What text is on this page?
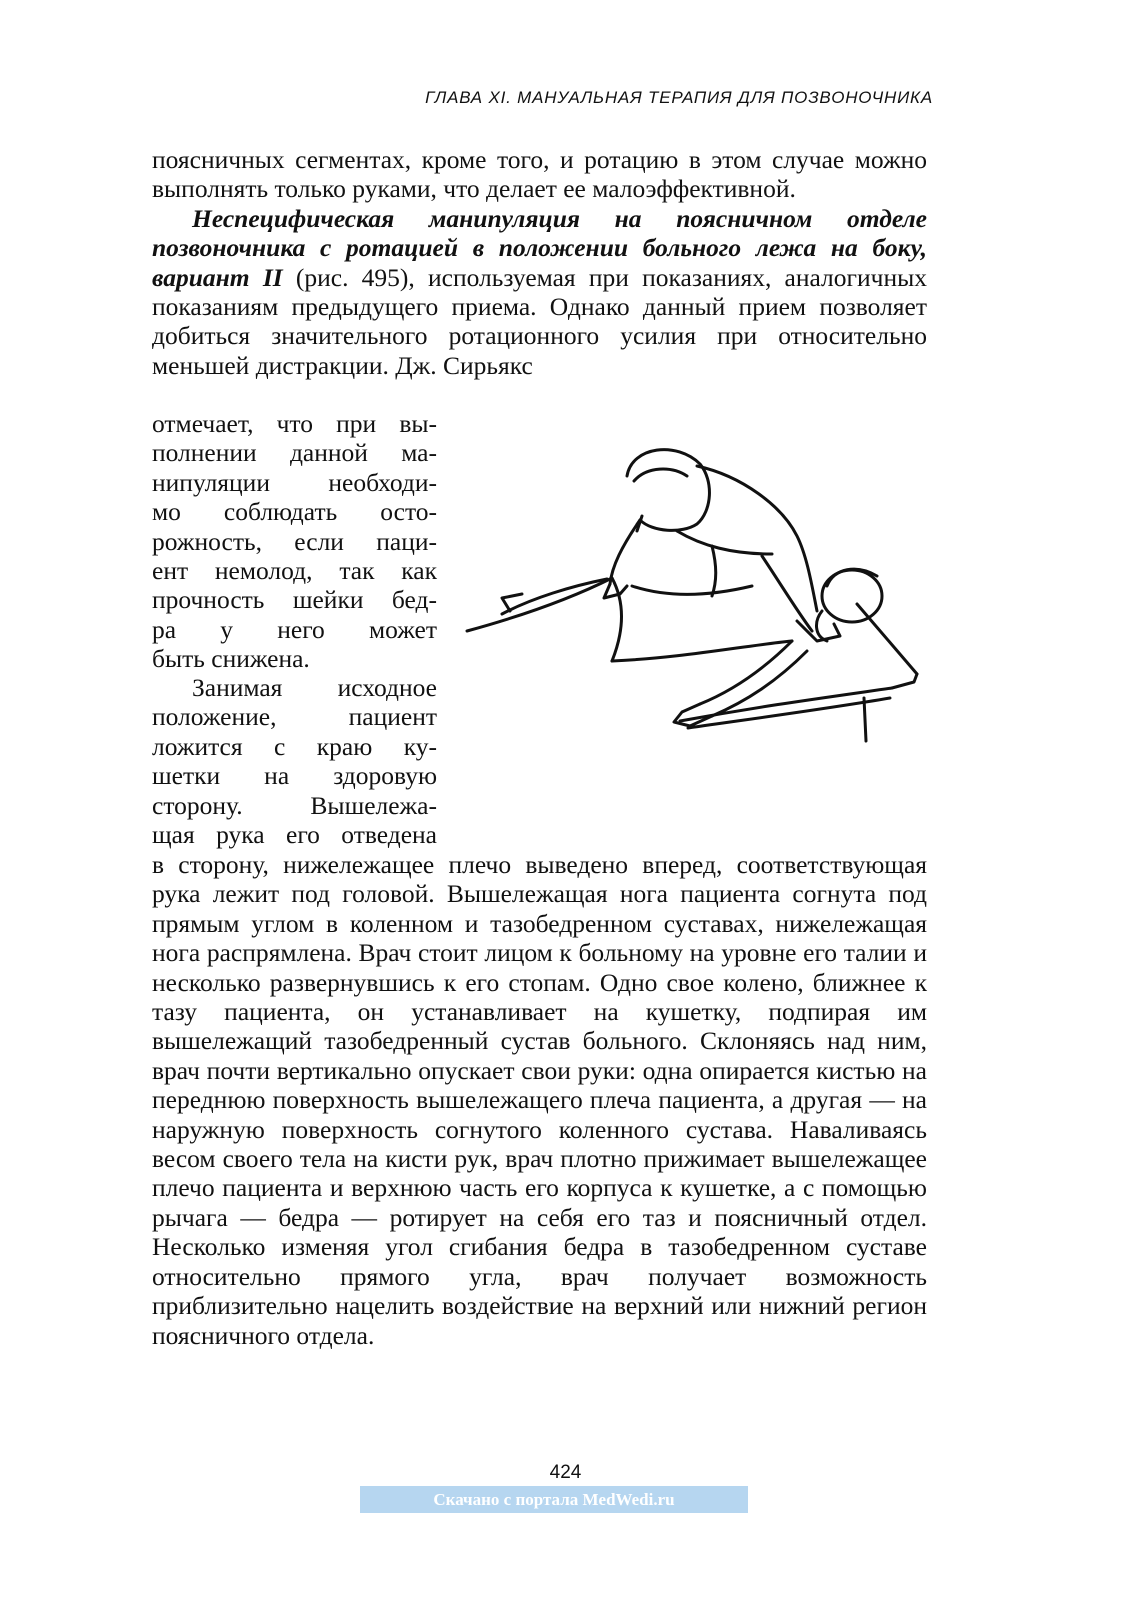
ГЛАВА XI. МАНУАЛЬНАЯ ТЕРАПИЯ ДЛЯ ПОЗВОНОЧНИКА

поясничных сегментах, кроме того, и ротацию в этом случае можно выполнять только руками, что делает ее малоэффективной.

Неспецифическая манипуляция на поясничном отделе позвоночника с ротацией в положении больного лежа на боку, вариант II (рис. 495), используемая при показаниях, аналогичных показаниям предыдущего приема. Однако данный прием позволяет добиться значительного ротационного усилия при относительно меньшей дистракции. Дж. Сирьякс

отмечает, что при вы-
полнении данной ма-
нипуляции необходи-
мо соблюдать осто-
рожность, если паци-
ент немолод, так как
прочность шейки бед-
ра у него может
быть снижена.
Занимая исходное
положение, пациент
ложится с краю ку-
шетки на здоровую
сторону. Вышележа-
щая рука его отведена

в сторону, нижележащее плечо выведено вперед, соответствующая рука лежит под головой. Вышележащая нога пациента согнута под прямым углом в коленном и тазобедренном суставах, нижележащая нога распрямлена. Врач стоит лицом к больному на уровне его талии и несколько развернувшись к его стопам. Одно свое колено, ближнее к тазу пациента, он устанавливает на кушетку, подпирая им вышележащий тазобедренный сустав больного. Склоняясь над ним, врач почти вертикально опускает свои руки: одна опирается кистью на переднюю поверхность вышележащего плеча пациента, а другая — на наружную поверхность согнутого коленного сустава. Наваливаясь весом своего тела на кисти рук, врач плотно прижимает вышележащее плечо пациента и верхнюю часть его корпуса к кушетке, а с помощью рычага — бедра — ротирует на себя его таз и поясничный отдел. Несколько изменяя угол сгибания бедра в тазобедренном суставе относительно прямого угла, врач получает возможность приблизительно нацелить воздействие на верхний или нижний регион поясничного отдела.

424
Скачано с портала MedWedi.ru
